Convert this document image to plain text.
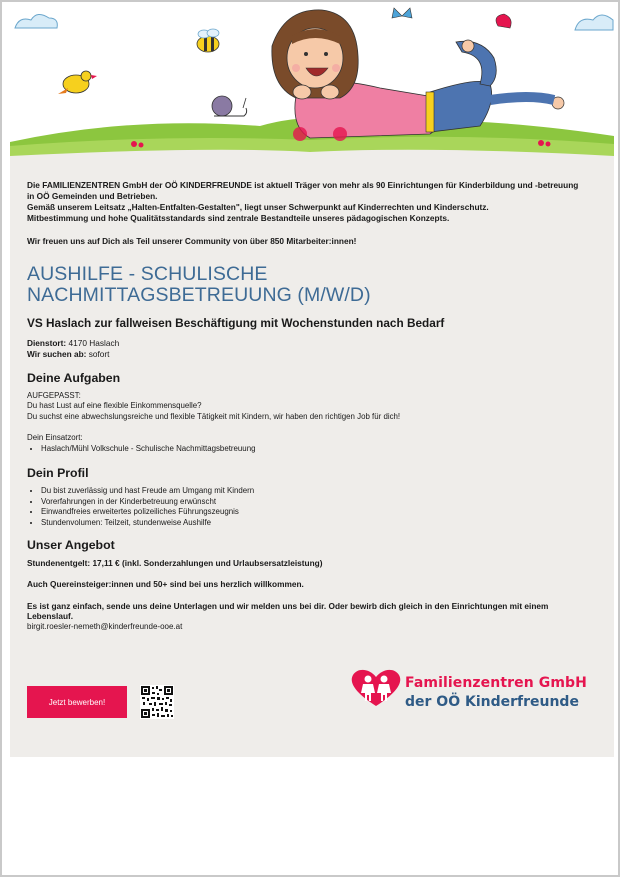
Die FAMILIENZENTREN GmbH der OÖ KINDERFREUNDE ist aktuell Träger von mehr als 90 Einrichtungen für Kinderbildung und -betreuung in OÖ Gemeinden und Betrieben.

Gemäß unserem Leitsatz „Halten-Entfalten-Gestalten", liegt unser Schwerpunkt auf Kinderrechten und Kinderschutz.

Mitbestimmung und hohe Qualitätsstandards sind zentrale Bestandteile unseres pädagogischen Konzepts.

Wir freuen uns auf Dich als Teil unserer Community von über 850 Mitarbeiter:innen!

AUSHILFE - SCHULISCHE
NACHMITTAGSBETREUUNG (M/W/D)

VS Haslach zur fallweisen Beschäftigung mit Wochenstunden nach Bedarf

Dienstort: 4170 Haslach
Wir suchen ab: sofort
Deine Aufgaben

AUFGEPASST:

Du hast Lust auf eine flexible Einkommensquelle?

Du suchst eine abwechslungsreiche und flexible Tätigkeit mit Kindern, wir haben den richtigen Job für dich!

Dein Einsatzort:

• Haslach/Mühl Volkschule - Schulische Nachmittagsbetreuung
Dein Profil
• Du bist zuverlässig und hast Freude am Umgang mit Kindern
• Vorerfahrungen in der Kinderbetreuung erwünscht
• Einwandfreies erweitertes polizeiliches Führungszeugnis
• Stundenvolumen: Teilzeit, stundenweise Aushilfe
Unser Angebot

Stundenentgelt: 17,11 € (inkl. Sonderzahlungen und Urlaubsersatzleistung)

Auch Quereinsteiger:innen und 50+ sind bei uns herzlich willkommen.

Es ist ganz einfach, sende uns deine Unterlagen und wir melden uns bei dir. Oder bewirb dich gleich in den Einrichtungen mit einem Lebenslauf.

birgit.roesler-nemeth@kinderfreunde-ooe.at

Jetzt bewerben!
Familienzentren GmbH
der OÖ Kinderfreunde
